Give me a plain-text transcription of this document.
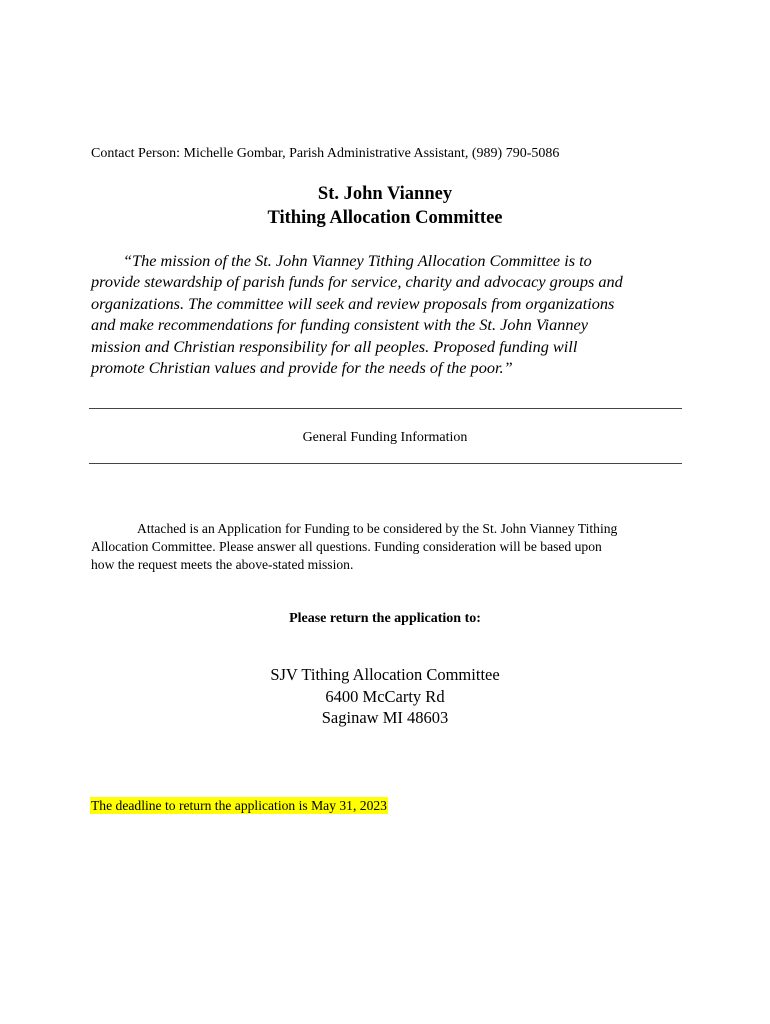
Contact Person: Michelle Gombar, Parish Administrative Assistant, (989) 790-5086
St. John Vianney
Tithing Allocation Committee

“The mission of the St. John Vianney Tithing Allocation Committee is to
provide stewardship of parish funds for service, charity and advocacy groups and
organizations. The committee will seek and review proposals from organizations
and make recommendations for funding consistent with the St. John Vianney
mission and Christian responsibility for all peoples. Proposed funding will
promote Christian values and provide for the needs of the poor.”

General Funding Information
Attached is an Application for Funding to be considered by the St. John Vianney Tithing
Allocation Committee. Please answer all questions. Funding consideration will be based upon
how the request meets the above-stated mission.
Please return the application to:
SJV Tithing Allocation Committee
6400 McCarty Rd
Saginaw MI 48603
The deadline to return the application is May 31, 2023
